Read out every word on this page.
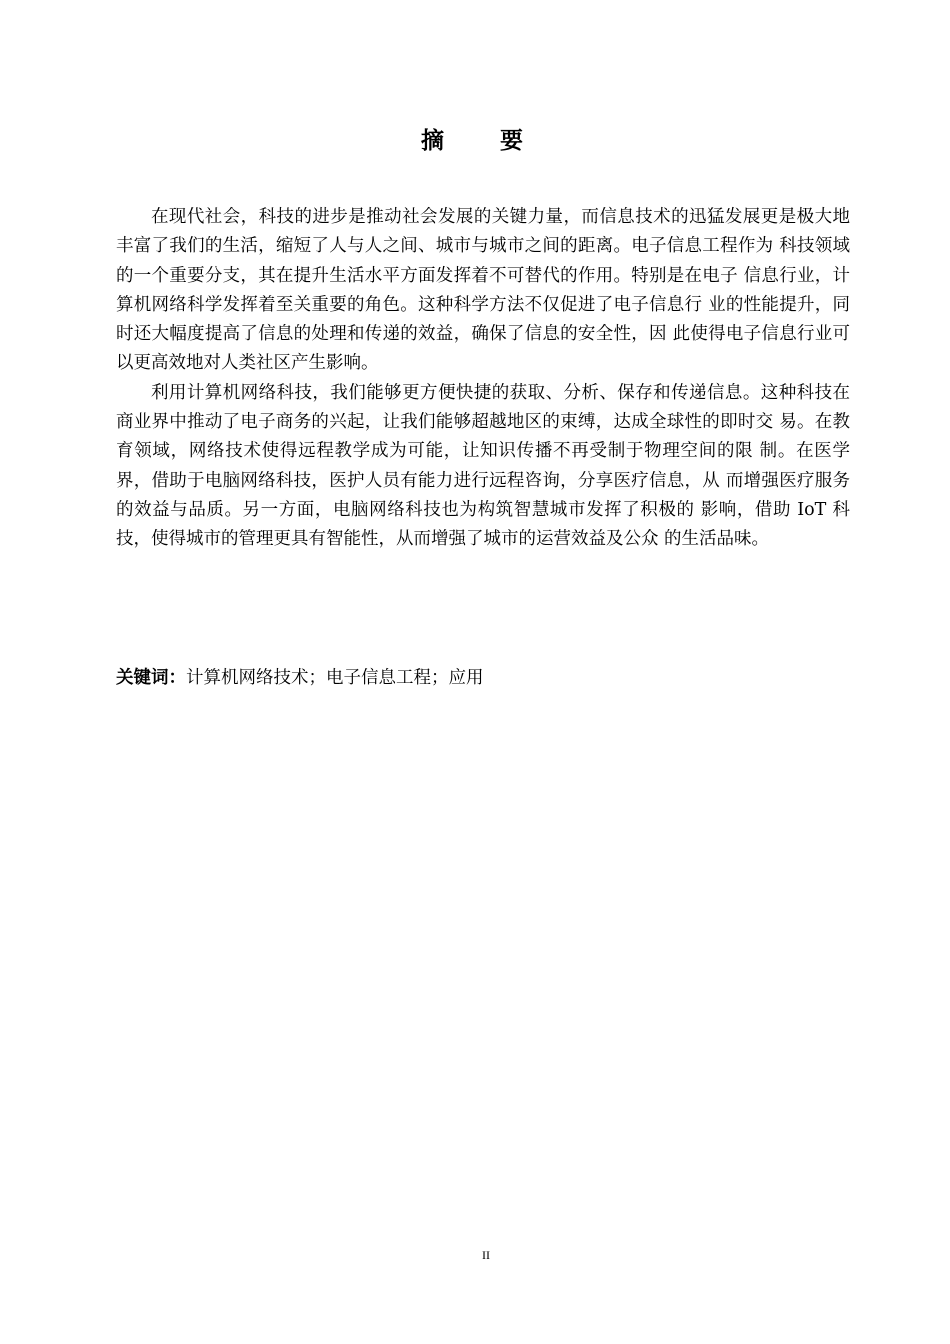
摘 要

在现代社会，科技的进步是推动社会发展的关键力量，而信息技术的迅猛发展更是极大地丰富了我们的生活，缩短了人与人之间、城市与城市之间的距离。电子信息工程作为 科技领域的一个重要分支，其在提升生活水平方面发挥着不可替代的作用。特别是在电子 信息行业，计算机网络科学发挥着至关重要的角色。这种科学方法不仅促进了电子信息行 业的性能提升，同时还大幅度提高了信息的处理和传递的效益，确保了信息的安全性，因 此使得电子信息行业可以更高效地对人类社区产生影响。

利用计算机网络科技，我们能够更方便快捷的获取、分析、保存和传递信息。这种科技在商业界中推动了电子商务的兴起，让我们能够超越地区的束缚，达成全球性的即时交 易。在教育领域，网络技术使得远程教学成为可能，让知识传播不再受制于物理空间的限 制。在医学界，借助于电脑网络科技，医护人员有能力进行远程咨询，分享医疗信息，从 而增强医疗服务的效益与品质。另一方面，电脑网络科技也为构筑智慧城市发挥了积极的 影响，借助 IoT 科技，使得城市的管理更具有智能性，从而增强了城市的运营效益及公众 的生活品味。

关键词：计算机网络技术；电子信息工程；应用
II
